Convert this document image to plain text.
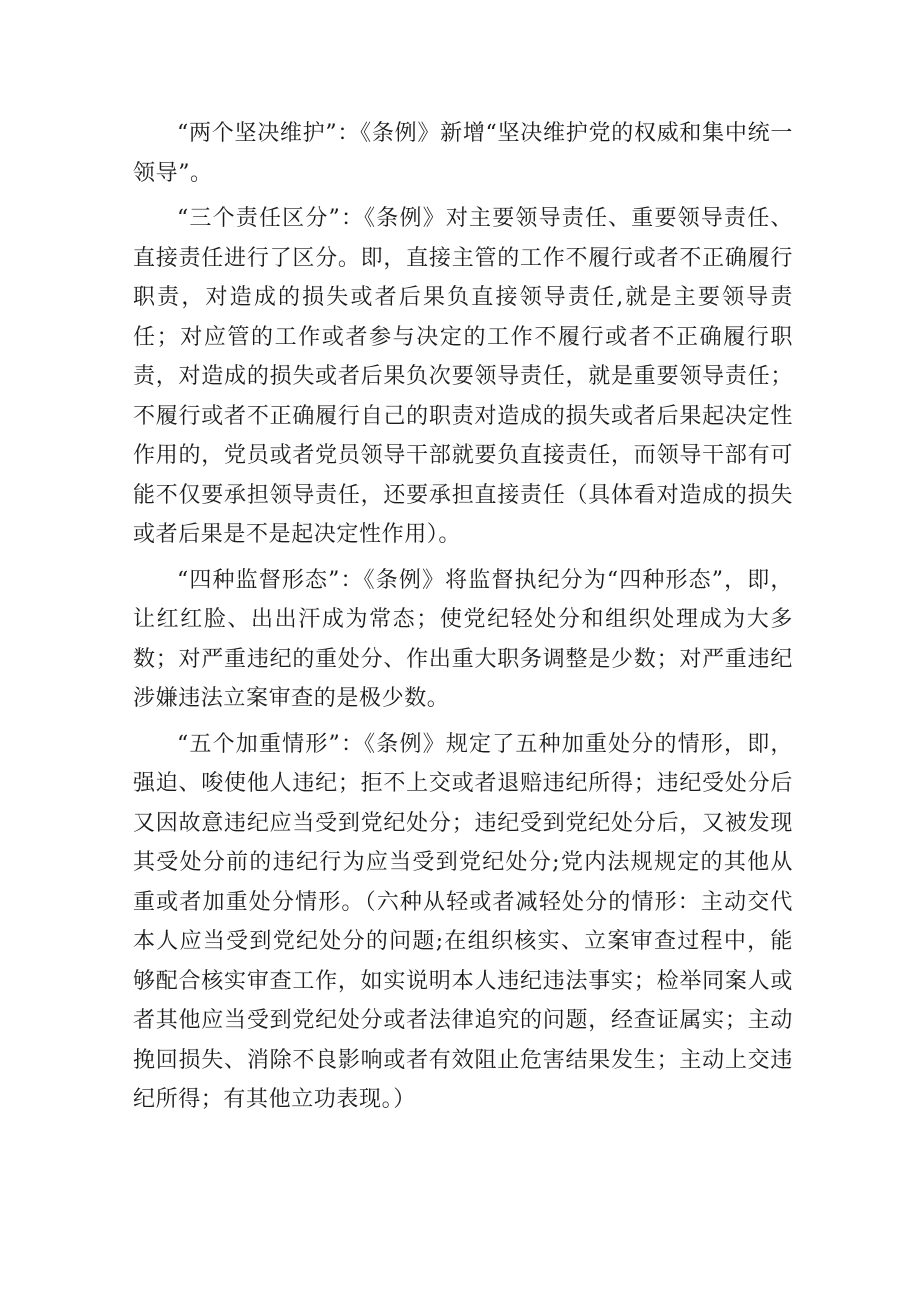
“两个坚决维护”：《条例》新增“坚决维护党的权威和集中统一领导”。

“三个责任区分”：《条例》对主要领导责任、重要领导责任、直接责任进行了区分。即，直接主管的工作不履行或者不正确履行职责，对造成的损失或者后果负直接领导责任,就是主要领导责任；对应管的工作或者参与决定的工作不履行或者不正确履行职责，对造成的损失或者后果负次要领导责任，就是重要领导责任；不履行或者不正确履行自己的职责对造成的损失或者后果起决定性作用的，党员或者党员领导干部就要负直接责任，而领导干部有可能不仅要承担领导责任，还要承担直接责任（具体看对造成的损失或者后果是不是起决定性作用）。

“四种监督形态”：《条例》将监督执纪分为“四种形态”，即，让红红脸、出出汗成为常态；使党纪轻处分和组织处理成为大多数；对严重违纪的重处分、作出重大职务调整是少数；对严重违纪涉嫌违法立案审查的是极少数。

“五个加重情形”：《条例》规定了五种加重处分的情形，即，强迫、唆使他人违纪；拒不上交或者退赔违纪所得；违纪受处分后又因故意违纪应当受到党纪处分；违纪受到党纪处分后，又被发现其受处分前的违纪行为应当受到党纪处分;党内法规规定的其他从重或者加重处分情形。（六种从轻或者减轻处分的情形：主动交代本人应当受到党纪处分的问题;在组织核实、立案审查过程中，能够配合核实审查工作，如实说明本人违纪违法事实；检举同案人或者其他应当受到党纪处分或者法律追究的问题，经查证属实；主动挽回损失、消除不良影响或者有效阻止危害结果发生；主动上交违纪所得；有其他立功表现。）
